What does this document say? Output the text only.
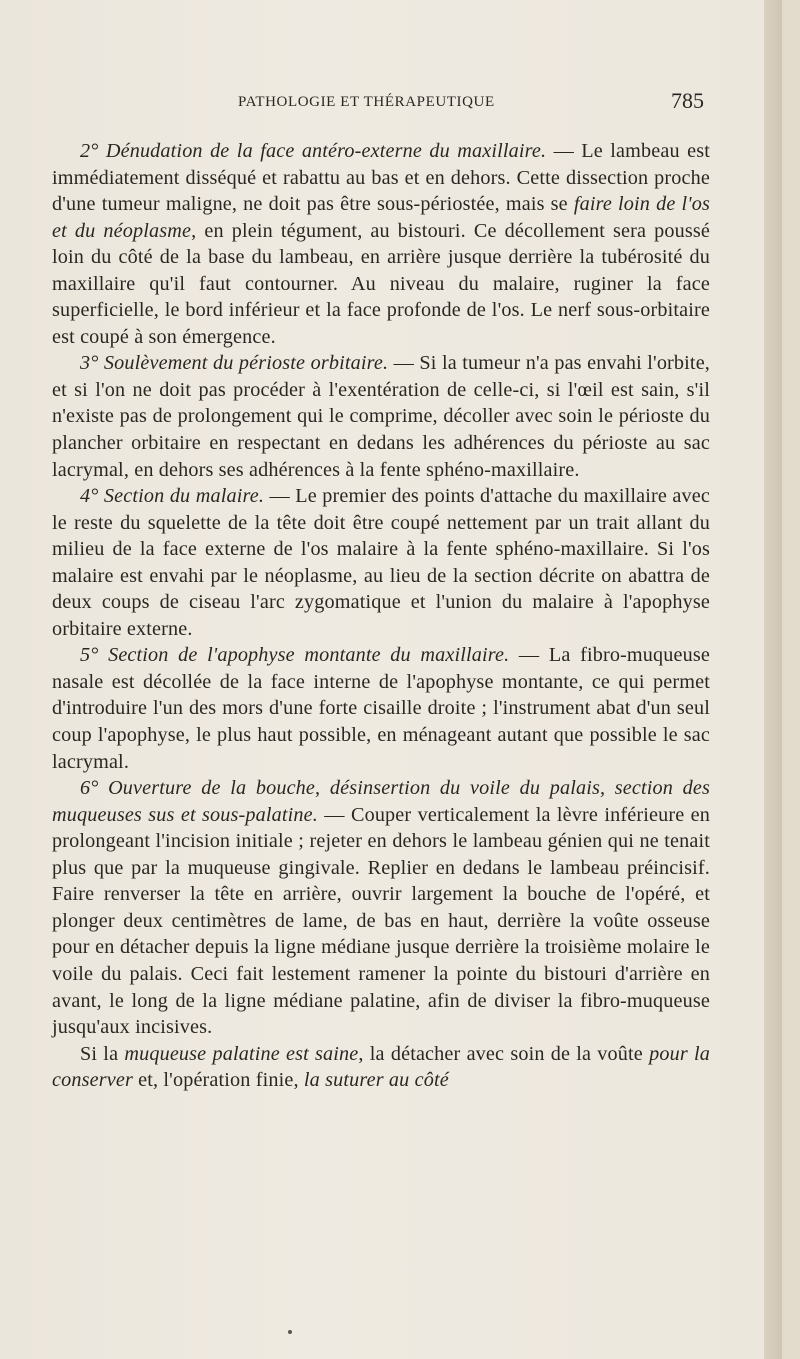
PATHOLOGIE ET THÉRAPEUTIQUE	785

2° Dénudation de la face antéro-externe du maxillaire. — Le lambeau est immédiatement disséqué et rabattu au bas et en dehors. Cette dissection proche d'une tumeur maligne, ne doit pas être sous-périostée, mais se faire loin de l'os et du néoplasme, en plein tégument, au bistouri. Ce décollement sera poussé loin du côté de la base du lambeau, en arrière jusque derrière la tubérosité du maxillaire qu'il faut contourner. Au niveau du malaire, ruginer la face superficielle, le bord inférieur et la face profonde de l'os. Le nerf sous-orbitaire est coupé à son émergence.

3° Soulèvement du périoste orbitaire. — Si la tumeur n'a pas envahi l'orbite, et si l'on ne doit pas procéder à l'exentération de celle-ci, si l'œil est sain, s'il n'existe pas de prolongement qui le comprime, décoller avec soin le périoste du plancher orbitaire en respectant en dedans les adhérences du périoste au sac lacrymal, en dehors ses adhérences à la fente sphéno-maxillaire.

4° Section du malaire. — Le premier des points d'attache du maxillaire avec le reste du squelette de la tête doit être coupé nettement par un trait allant du milieu de la face externe de l'os malaire à la fente sphéno-maxillaire. Si l'os malaire est envahi par le néoplasme, au lieu de la section décrite on abattra de deux coups de ciseau l'arc zygomatique et l'union du malaire à l'apophyse orbitaire externe.

5° Section de l'apophyse montante du maxillaire. — La fibro-muqueuse nasale est décollée de la face interne de l'apophyse montante, ce qui permet d'introduire l'un des mors d'une forte cisaille droite ; l'instrument abat d'un seul coup l'apophyse, le plus haut possible, en ménageant autant que possible le sac lacrymal.

6° Ouverture de la bouche, désinsertion du voile du palais, section des muqueuses sus et sous-palatine. — Couper verticalement la lèvre inférieure en prolongeant l'incision initiale ; rejeter en dehors le lambeau génien qui ne tenait plus que par la muqueuse gingivale. Replier en dedans le lambeau préincisif. Faire renverser la tête en arrière, ouvrir largement la bouche de l'opéré, et plonger deux centimètres de lame, de bas en haut, derrière la voûte osseuse pour en détacher depuis la ligne médiane jusque derrière la troisième molaire le voile du palais. Ceci fait lestement ramener la pointe du bistouri d'arrière en avant, le long de la ligne médiane palatine, afin de diviser la fibro-muqueuse jusqu'aux incisives.

Si la muqueuse palatine est saine, la détacher avec soin de la voûte pour la conserver et, l'opération finie, la suturer au côté
